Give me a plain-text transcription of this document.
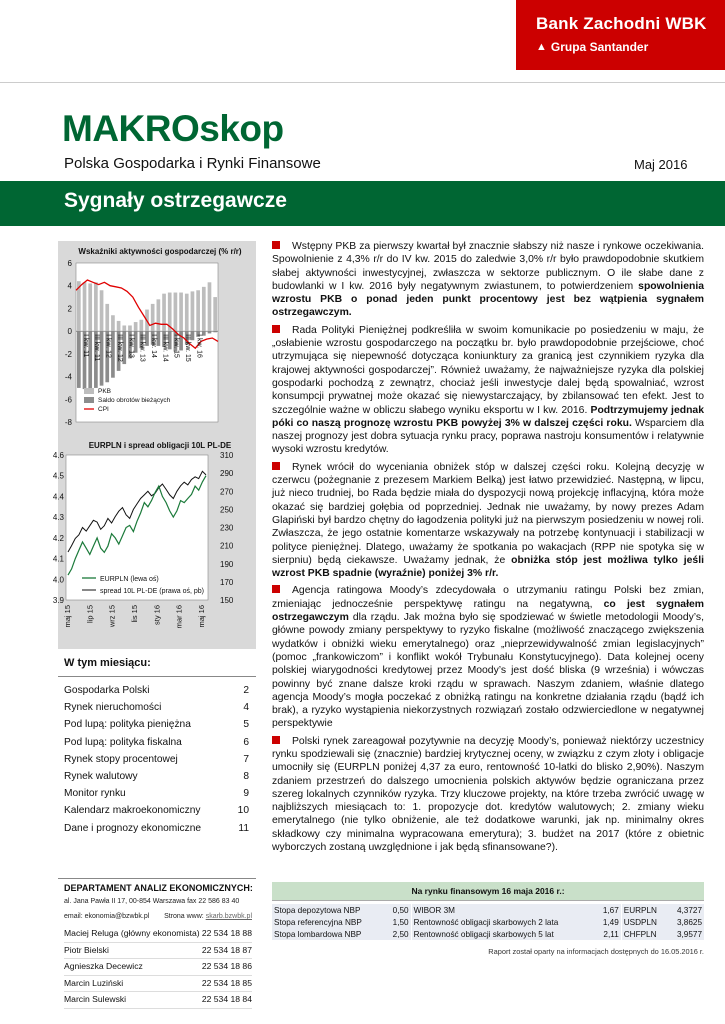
Bank Zachodni WBK
▲ Grupa Santander
MAKROskop
Polska Gospodarka i Rynki Finansowe	Maj 2016
Sygnały ostrzegawcze
Wskaźniki aktywności gospodarczej (% r/r)
6
4
2
0
-2
-4
-6
-8
I kw. 11 III kw. 11 I kw. 12 III kw. 12 I kw. 13 III kw. 13 I kw. 14 III kw. 14 I kw. 15 III kw. 15 I kw. 16
PKB
Saldo obrotów bieżących
CPI
EURPLN i spread obligacji 10L PL-DE
4.6
4.5
4.4
4.3
4.2
4.1
4.0
3.9
310
290
270
250
230
210
190
170
150
maj 15 lip 15 wrz 15 lis 15 sty 16 mar 16 maj 16
EURPLN (lewa oś)
spread 10L PL-DE (prawa oś, pb)

Wstępny PKB za pierwszy kwartał był znacznie słabszy niż nasze i rynkowe oczekiwania. Spowolnienie z 4,3% r/r do IV kw. 2015 do zaledwie 3,0% r/r było prawdopodobnie skutkiem słabej aktywności inwestycyjnej, zwłaszcza w sektorze publicznym. O ile słabe dane z budowlanki w I kw. 2016 były negatywnym zwiastunem, to potwierdzeniem spowolnienia wzrostu PKB o ponad jeden punkt procentowy jest bez wątpienia sygnałem ostrzegawczym.

Rada Polityki Pieniężnej podkreśliła w swoim komunikacie po posiedzeniu w maju, że „osłabienie wzrostu gospodarczego na początku br. było prawdopodobnie przejściowe, choć utrzymująca się niepewność dotycząca koniunktury za granicą jest czynnikiem ryzyka dla krajowej aktywności gospodarczej”. Również uważamy, że najważniejsze ryzyka dla polskiej gospodarki pochodzą z zewnątrz, chociaż jeśli inwestycje dalej będą spowalniać, wzrost konsumpcji prywatnej może okazać się niewystarczający, by zbilansować ten efekt. Jest to szczególnie ważne w obliczu słabego wyniku eksportu w I kw. 2016. Podtrzymujemy jednak póki co naszą prognozę wzrostu PKB powyżej 3% w dalszej części roku. Wsparciem dla naszej prognozy jest dobra sytuacja rynku pracy, poprawa nastroju konsumentów i relatywnie wysoki wzrostu kredytów.

Rynek wrócił do wyceniania obniżek stóp w dalszej części roku. Kolejną decyzję w czerwcu (pożegnanie z prezesem Markiem Belką) jest łatwo przewidzieć. Następną, w lipcu, już nieco trudniej, bo Rada będzie miała do dyspozycji nową projekcję inflacyjną, która może okazać się bardziej gołębia od poprzedniej. Jednak nie uważamy, by nowy prezes Adam Glapiński był bardzo chętny do łagodzenia polityki już na pierwszym posiedzeniu w nowej roli. Zwłaszcza, że jego ostatnie komentarze wskazywały na potrzebę kontynuacji i stabilizacji w polityce pieniężnej. Dlatego, uważamy że spotkania po wakacjach (RPP nie spotyka się w sierpniu) będą ciekawsze. Uważamy jednak, że obniżka stóp jest możliwa tylko jeśli wzrost PKB spadnie (wyraźnie) poniżej 3% r/r.

Agencja ratingowa Moody’s zdecydowała o utrzymaniu ratingu Polski bez zmian, zmieniając jednocześnie perspektywę ratingu na negatywną, co jest sygnałem ostrzegawczym dla rządu. Jak można było się spodziewać w świetle metodologii Moody’s, główne powody zmiany perspektywy to ryzyko fiskalne (możliwość znaczącego zwiększenia wydatków i obniżki wieku emerytalnego) oraz „nieprzewidywalność zmian legislacyjnych” (pomoc „frankowiczom” i konflikt wokół Trybunału Konstytucyjnego). Data kolejnej oceny polskiej wiarygodności kredytowej przez Moody’s jest dość bliska (9 września) i wówczas powinny być znane dalsze kroki rządu w sprawach. Naszym zdaniem, właśnie dlatego agencja Moody’s mogła poczekać z obniżką ratingu na konkretne działania rządu (bądź ich brak), a ryzyko wystąpienia niekorzystnych rozwiązań zostało odzwierciedlone w negatywnej perspektywie

Polski rynek zareagował pozytywnie na decyzję Moody’s, ponieważ niektórzy uczestnicy rynku spodziewali się (znacznie) bardziej krytycznej oceny, w związku z czym złoty i obligacje umocniły się (EURPLN poniżej 4,37 za euro, rentowność 10-latki do blisko 2,90%). Naszym zdaniem przestrzeń do dalszego umocnienia polskich aktywów będzie ograniczana przez szereg lokalnych czynników ryzyka. Trzy kluczowe projekty, na które trzeba zwrócić uwagę w najbliższych miesiącach to: 1. propozycje dot. kredytów walutowych; 2. zmiany wieku emerytalnego (nie tylko obniżenie, ale też dodatkowe warunki, jak np. minimalny okres składkowy czy minimalna wypracowana emerytura); 3. budżet na 2017 (które z obietnic wyborczych zostaną uwzględnione i jak będą sfinansowane?).

W tym miesiącu:
Gospodarka Polski	2
Rynek nieruchomości	4
Pod lupą: polityka pieniężna	5
Pod lupą: polityka fiskalna	6
Rynek stopy procentowej	7
Rynek walutowy	8
Monitor rynku	9
Kalendarz makroekonomiczny	10
Dane i prognozy ekonomiczne	11
DEPARTAMENT ANALIZ EKONOMICZNYCH:
al. Jana Pawła II 17, 00-854 Warszawa fax 22 586 83 40
email: ekonomia@bzwbk.pl Strona www: skarb.bzwbk.pl
Maciej Reluga (główny ekonomista) 22 534 18 88
Piotr Bielski	22 534 18 87
Agnieszka Decewicz	22 534 18 86
Marcin Luziński	22 534 18 85
Marcin Sulewski	22 534 18 84
Na rynku finansowym 16 maja 2016 r.:
Stopa depozytowa NBP	0,50	WIBOR 3M	1,67	EURPLN	4,3727
Stopa referencyjna NBP	1,50	Rentowność obligacji skarbowych 2 lata	1,49	USDPLN	3,8625
Stopa lombardowa NBP	2,50	Rentowność obligacji skarbowych 5 lat	2,11	CHFPLN	3,9577
Raport został oparty na informacjach dostępnych do 16.05.2016 r.
